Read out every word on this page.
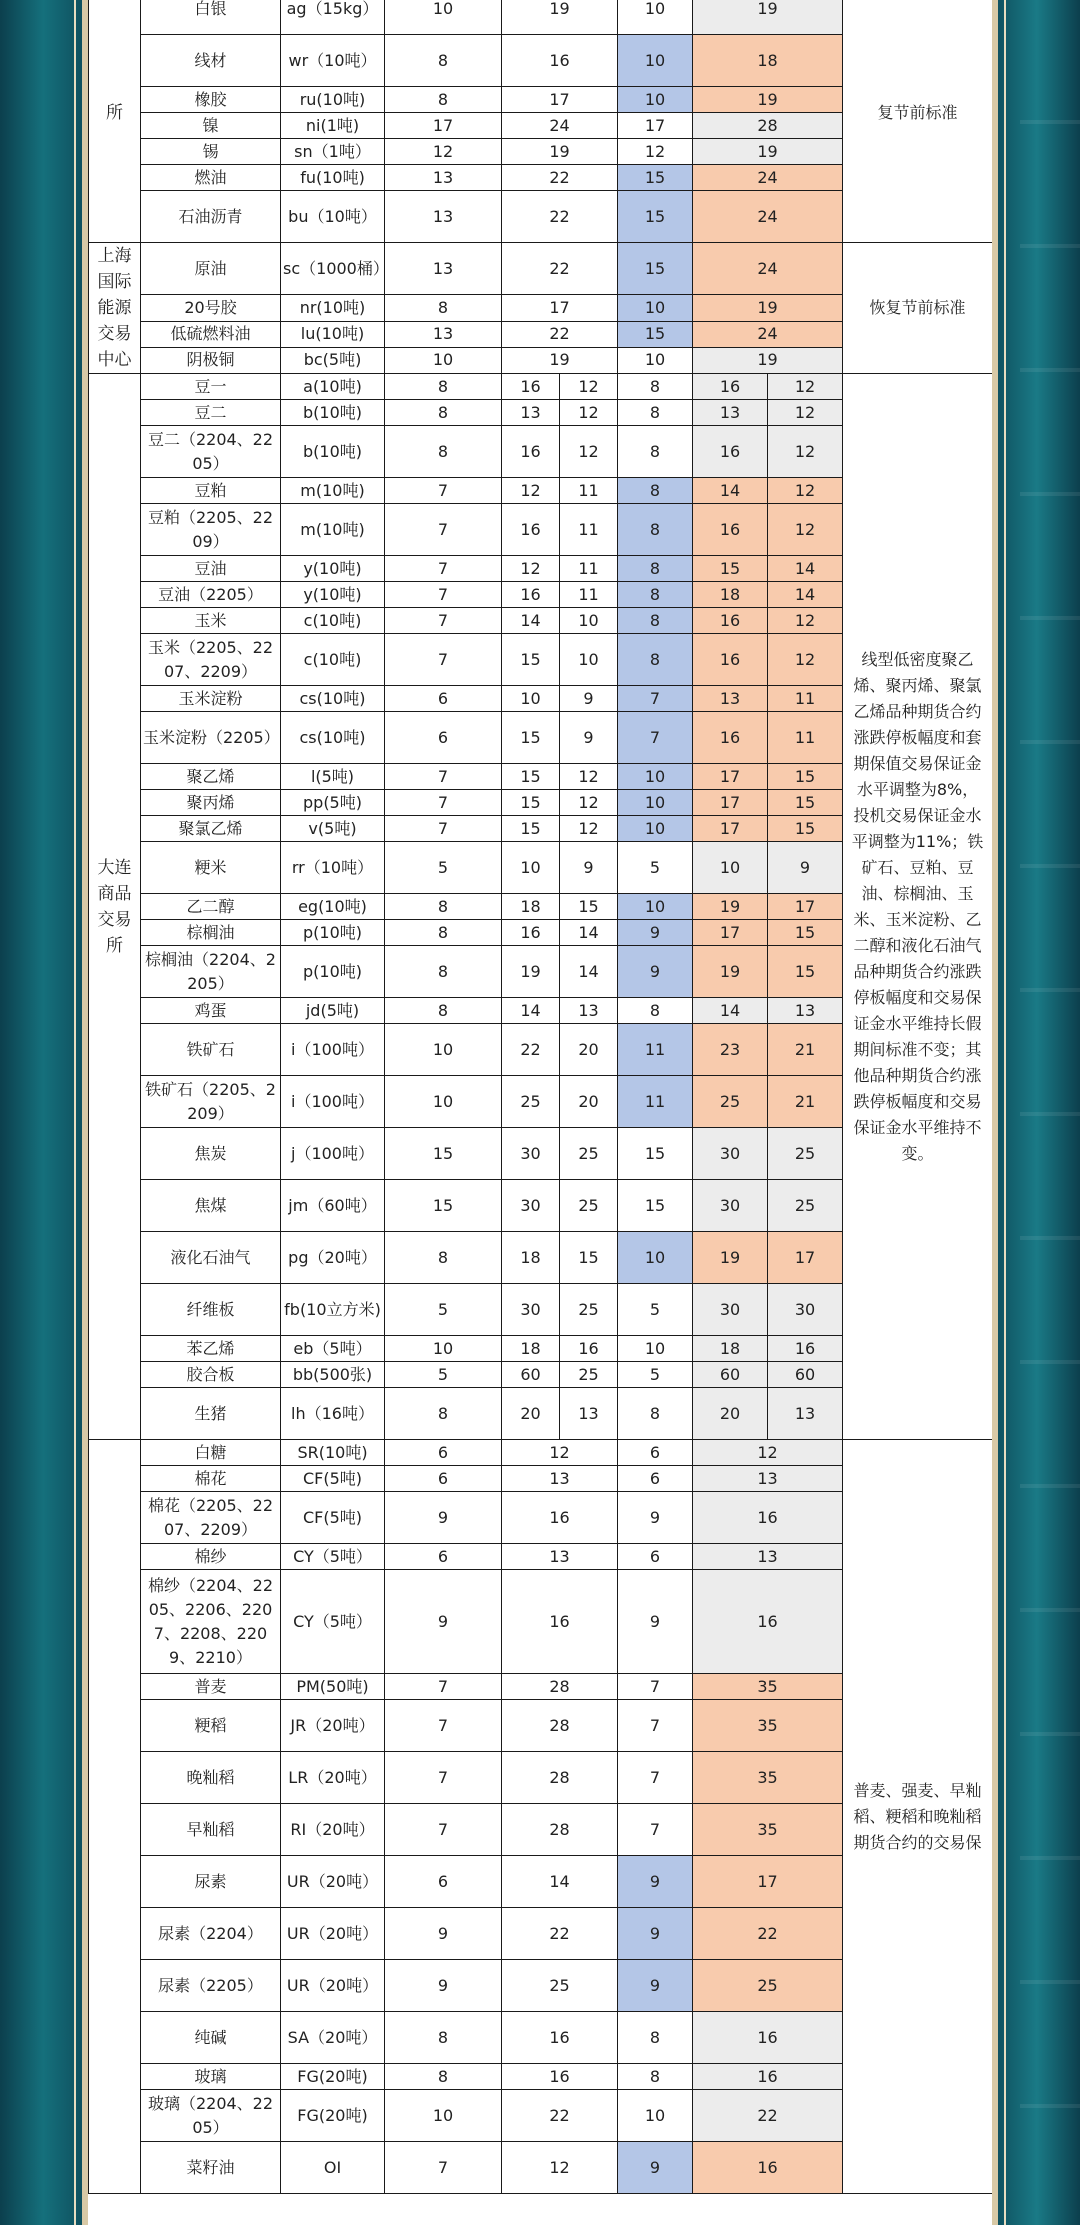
所	白银	ag（15kg）	10	19		10	19		复节前标准
	线材	wr（10吨）	8	16		10	18		
	橡胶	ru(10吨)	8	17		10	19		
	镍	ni(1吨)	17	24		17	28		
	锡	sn（1吨）	12	19		12	19		
	燃油	fu(10吨)	13	22		15	24		
	石油沥青	bu（10吨）	13	22		15	24		
上海国际能源交易中心	原油	sc（1000桶）	13	22		15	24		恢复节前标准
	20号胶	nr(10吨)	8	17		10	19		
	低硫燃料油	lu(10吨)	13	22		15	24		
	阴极铜	bc(5吨)	10	19		10	19		
大连商品交易所	豆一	a(10吨)	8	16	12	8	16	12	线型低密度聚乙烯、聚丙烯、聚氯乙烯品种期货合约涨跌停板幅度和套期保值交易保证金水平调整为8%，投机交易保证金水平调整为11%；铁矿石、豆粕、豆油、棕榈油、玉米、玉米淀粉、乙二醇和液化石油气品种期货合约涨跌停板幅度和交易保证金水平维持长假期间标准不变；其他品种期货合约涨跌停板幅度和交易保证金水平维持不变。
	豆二	b(10吨)	8	13	12	8	13	12	
	豆二（2204、2205）	b(10吨)	8	16	12	8	16	12	
	豆粕	m(10吨)	7	12	11	8	14	12	
	豆粕（2205、2209）	m(10吨)	7	16	11	8	16	12	
	豆油	y(10吨)	7	12	11	8	15	14	
	豆油（2205）	y(10吨)	7	16	11	8	18	14	
	玉米	c(10吨)	7	14	10	8	16	12	
	玉米（2205、2207、2209）	c(10吨)	7	15	10	8	16	12	
	玉米淀粉	cs(10吨)	6	10	9	7	13	11	
	玉米淀粉（2205）	cs(10吨)	6	15	9	7	16	11	
	聚乙烯	l(5吨)	7	15	12	10	17	15	
	聚丙烯	pp(5吨)	7	15	12	10	17	15	
	聚氯乙烯	v(5吨)	7	15	12	10	17	15	
	粳米	rr（10吨）	5	10	9	5	10	9	
	乙二醇	eg(10吨)	8	18	15	10	19	17	
	棕榈油	p(10吨)	8	16	14	9	17	15	
	棕榈油（2204、2205）	p(10吨)	8	19	14	9	19	15	
	鸡蛋	jd(5吨)	8	14	13	8	14	13	
	铁矿石	i（100吨）	10	22	20	11	23	21	
	铁矿石（2205、2209）	i（100吨）	10	25	20	11	25	21	
	焦炭	j（100吨）	15	30	25	15	30	25	
	焦煤	jm（60吨）	15	30	25	15	30	25	
	液化石油气	pg（20吨）	8	18	15	10	19	17	
	纤维板	fb(10立方米)	5	30	25	5	30	30	
	苯乙烯	eb（5吨）	10	18	16	10	18	16	
	胶合板	bb(500张)	5	60	25	5	60	60	
	生猪	lh（16吨）	8	20	13	8	20	13	
	白糖	SR(10吨)	6	12		6	12		普麦、强麦、早籼稻、粳稻和晚籼稻期货合约的交易保
	棉花	CF(5吨)	6	13		6	13		
	棉花（2205、2207、2209）	CF(5吨)	9	16		9	16		
	棉纱	CY（5吨）	6	13		6	13		
	棉纱（2204、2205、2206、2207、2208、2209、2210）	CY（5吨）	9	16		9	16		
	普麦	PM(50吨)	7	28		7	35		
	粳稻	JR（20吨）	7	28		7	35		
	晚籼稻	LR（20吨）	7	28		7	35		
	早籼稻	RI（20吨）	7	28		7	35		
	尿素	UR（20吨）	6	14		9	17		
	尿素（2204）	UR（20吨）	9	22		9	22		
	尿素（2205）	UR（20吨）	9	25		9	25		
	纯碱	SA（20吨）	8	16		8	16		
	玻璃	FG(20吨)	8	16		8	16		
	玻璃（2204、2205）	FG(20吨)	10	22		10	22		
	菜籽油	OI	7	12		9	16		
